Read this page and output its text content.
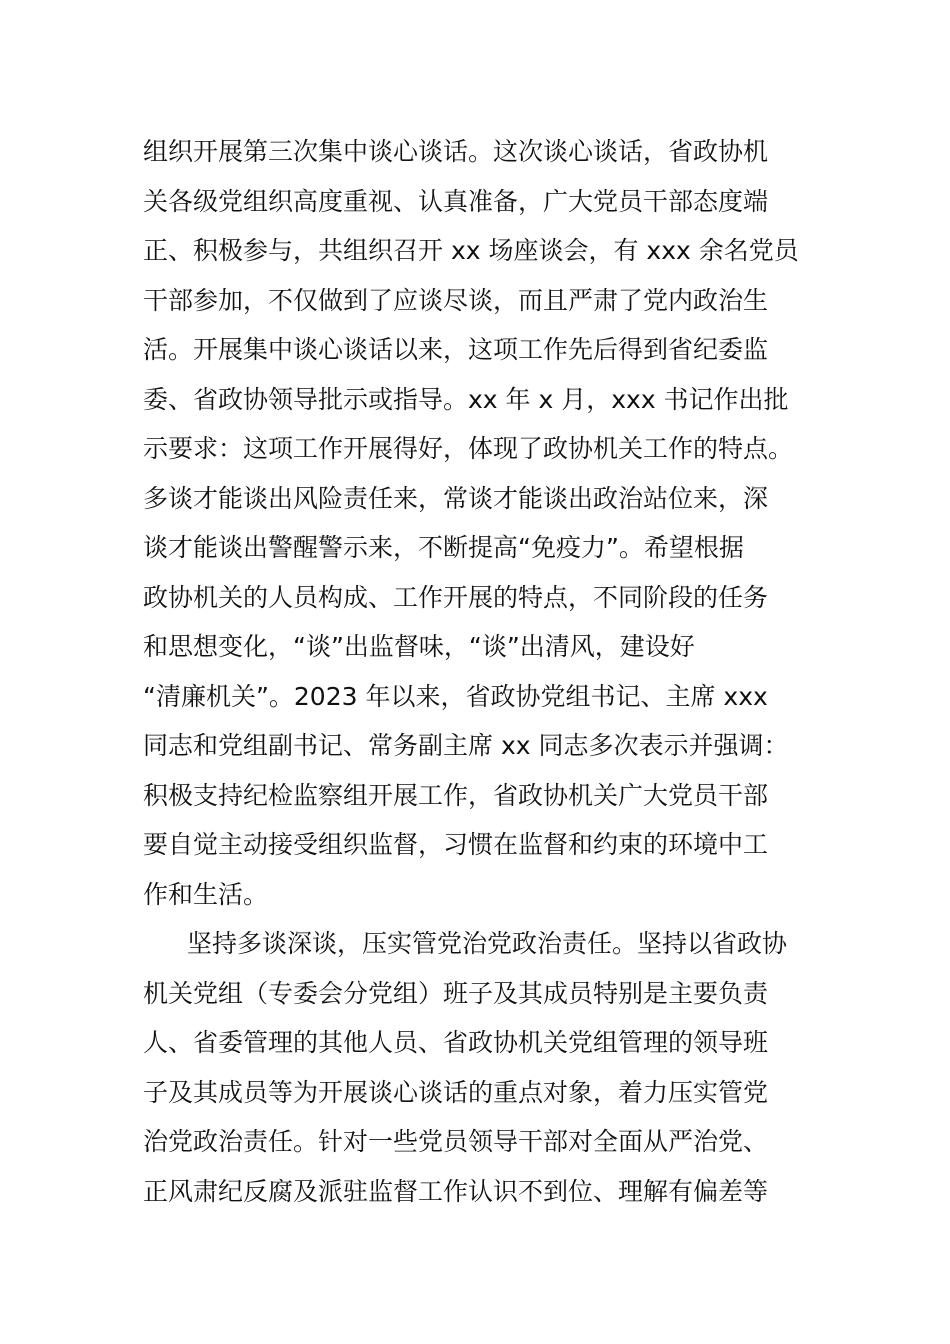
组织开展第三次集中谈心谈话。这次谈心谈话，省政协机
关各级党组织高度重视、认真准备，广大党员干部态度端
正、积极参与，共组织召开 xx 场座谈会，有 xxx 余名党员
干部参加，不仅做到了应谈尽谈，而且严肃了党内政治生
活。开展集中谈心谈话以来，这项工作先后得到省纪委监
委、省政协领导批示或指导。xx 年 x 月，xxx 书记作出批
示要求：这项工作开展得好，体现了政协机关工作的特点。
多谈才能谈出风险责任来，常谈才能谈出政治站位来，深
谈才能谈出警醒警示来，不断提高“免疫力”。希望根据
政协机关的人员构成、工作开展的特点，不同阶段的任务
和思想变化，“谈”出监督味，“谈”出清风，建设好
“清廉机关”。2023 年以来，省政协党组书记、主席 xxx
同志和党组副书记、常务副主席 xx 同志多次表示并强调：
积极支持纪检监察组开展工作，省政协机关广大党员干部
要自觉主动接受组织监督，习惯在监督和约束的环境中工
作和生活。
坚持多谈深谈，压实管党治党政治责任。坚持以省政协
机关党组（专委会分党组）班子及其成员特别是主要负责
人、省委管理的其他人员、省政协机关党组管理的领导班
子及其成员等为开展谈心谈话的重点对象，着力压实管党
治党政治责任。针对一些党员领导干部对全面从严治党、
正风肃纪反腐及派驻监督工作认识不到位、理解有偏差等
